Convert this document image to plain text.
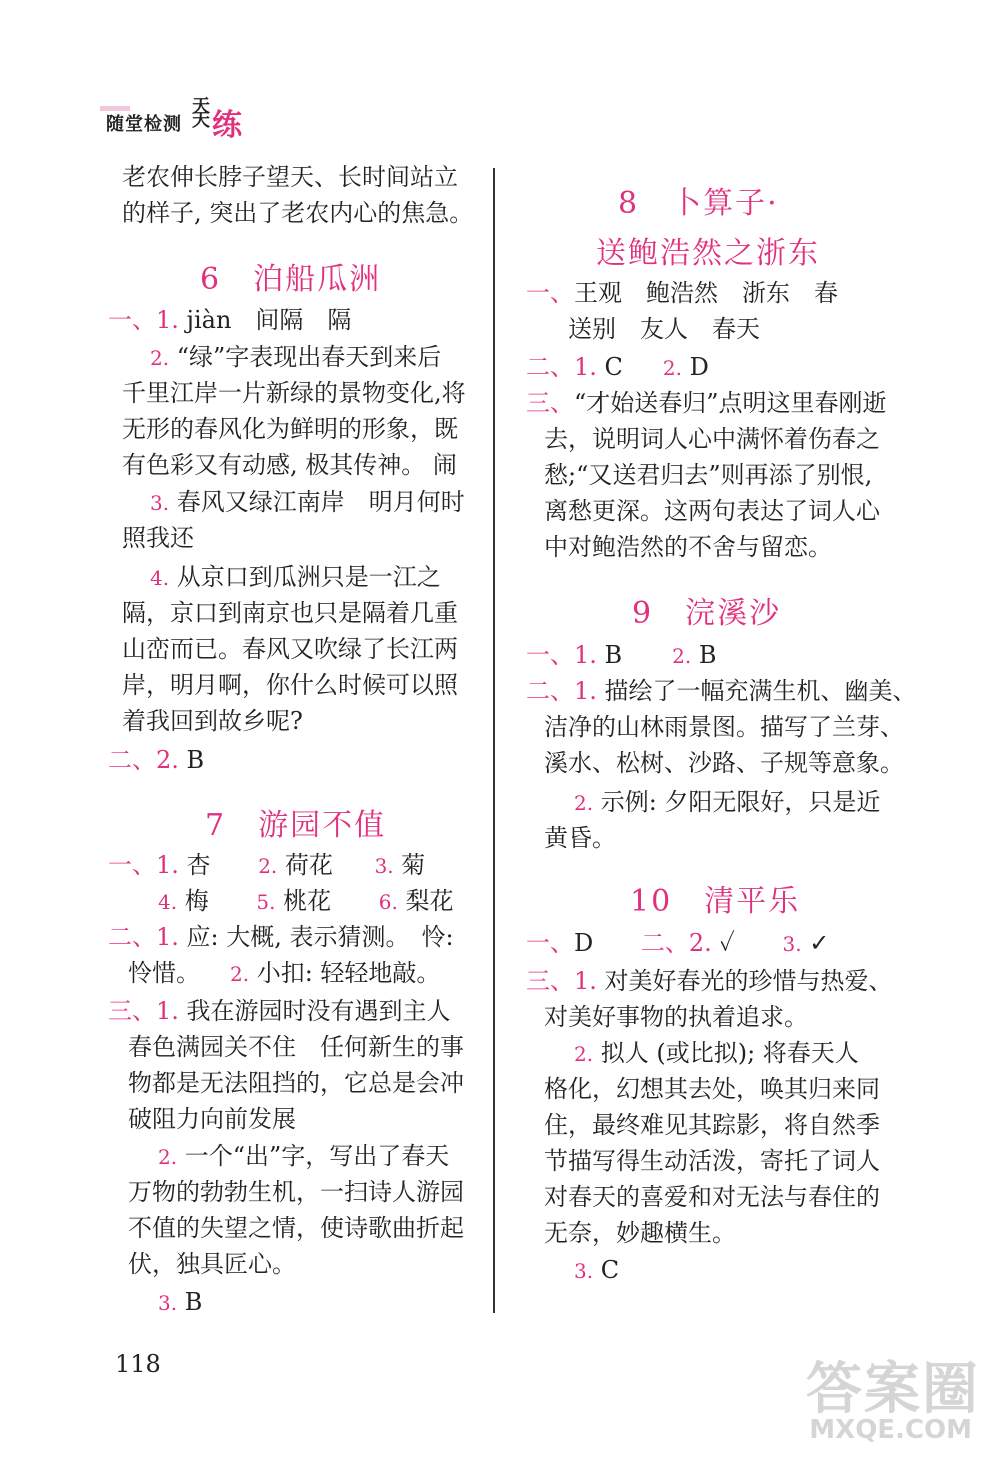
随堂检测
天天 练
老农伸长脖子望天、长时间站立
的样子, 突出了老农内心的焦急。
6　泊船瓜洲
一、1. jiàn　间隔　隔
2. “绿”字表现出春天到来后
千里江岸一片新绿的景物变化,将
无形的春风化为鲜明的形象，既
有色彩又有动感, 极其传神。 闹
3. 春风又绿江南岸　明月何时
照我还
4. 从京口到瓜洲只是一江之
隔，京口到南京也只是隔着几重
山峦而已。春风又吹绿了长江两
岸，明月啊，你什么时候可以照
着我回到故乡呢?
二、2. B
7　游园不值
一、1. 杏 2. 荷花 3. 菊
4. 梅 5. 桃花 6. 梨花
二、1. 应: 大概, 表示猜测。　怜:
怜惜。 2. 小扣: 轻轻地敲。
三、1. 我在游园时没有遇到主人
春色满园关不住　任何新生的事
物都是无法阻挡的，它总是会冲
破阻力向前发展
2. 一个“出”字，写出了春天
万物的勃勃生机，一扫诗人游园
不值的失望之情，使诗歌曲折起
伏，独具匠心。
3. B
8　卜算子·
送鲍浩然之浙东
一、王观　鲍浩然　浙东　春
送别　友人　春天
二、1. C 2. D
三、“才始送春归”点明这里春刚逝
去，说明词人心中满怀着伤春之
愁;“又送君归去”则再添了别恨,
离愁更深。这两句表达了词人心
中对鲍浩然的不舍与留恋。
9　浣溪沙
一、1. B	2. B
二、1. 描绘了一幅充满生机、幽美、
洁净的山林雨景图。描写了兰芽、
溪水、松树、沙路、子规等意象。
2. 示例: 夕阳无限好，只是近
黄昏。
10　清平乐
一、D 二、2. ✓ 3. ✓
三、1. 对美好春光的珍惜与热爱、
对美好事物的执着追求。
2. 拟人 (或比拟); 将春天人
格化，幻想其去处，唤其归来同
住，最终难见其踪影，将自然季
节描写得生动活泼，寄托了词人
对春天的喜爱和对无法与春住的
无奈，妙趣横生。
3. C
118	答案圈
MXQE.COM
